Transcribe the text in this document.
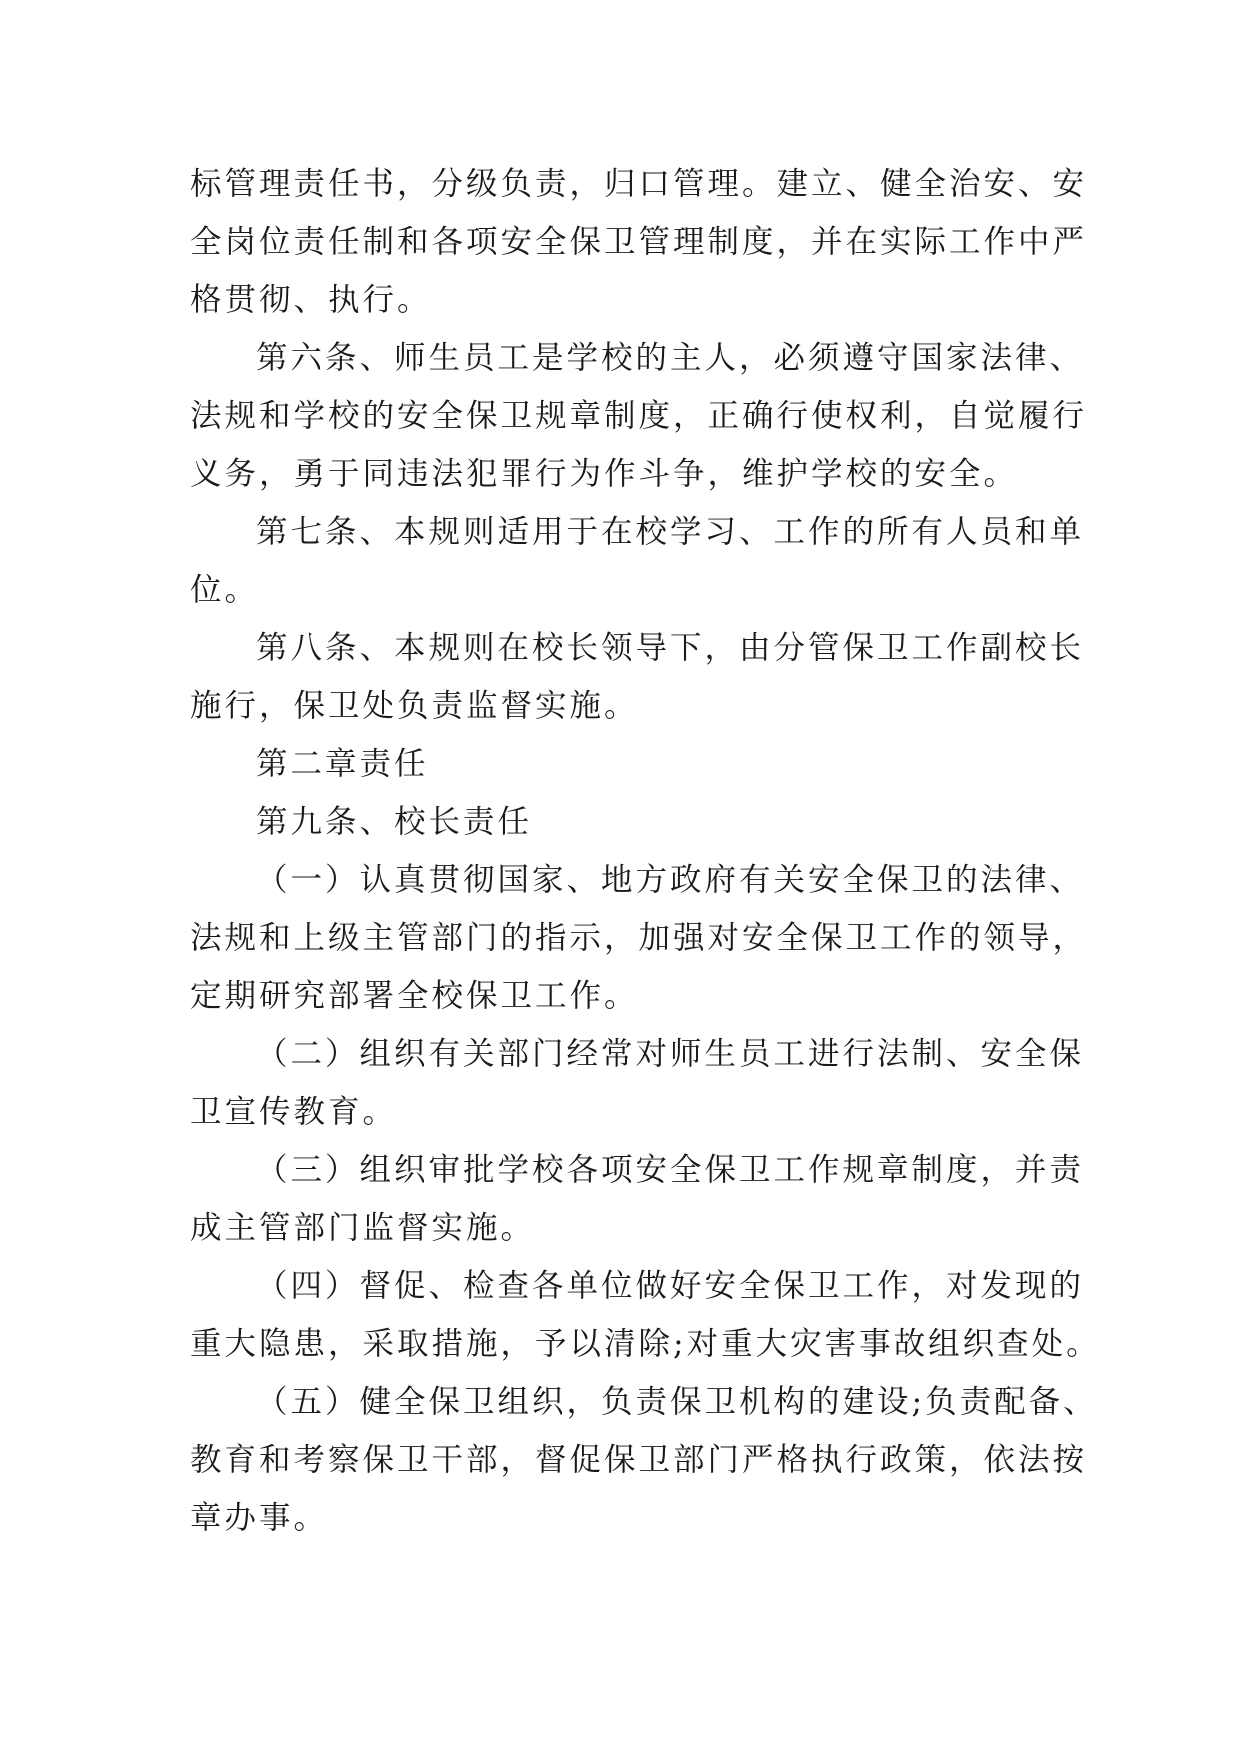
标管理责任书，分级负责，归口管理。建立、健全治安、安
全岗位责任制和各项安全保卫管理制度，并在实际工作中严
格贯彻、执行。
第六条、师生员工是学校的主人，必须遵守国家法律、
法规和学校的安全保卫规章制度，正确行使权利，自觉履行
义务，勇于同违法犯罪行为作斗争，维护学校的安全。
第七条、本规则适用于在校学习、工作的所有人员和单
位。
第八条、本规则在校长领导下，由分管保卫工作副校长
施行，保卫处负责监督实施。
第二章责任
第九条、校长责任
（一）认真贯彻国家、地方政府有关安全保卫的法律、
法规和上级主管部门的指示，加强对安全保卫工作的领导，
定期研究部署全校保卫工作。
（二）组织有关部门经常对师生员工进行法制、安全保
卫宣传教育。
（三）组织审批学校各项安全保卫工作规章制度，并责
成主管部门监督实施。
（四）督促、检查各单位做好安全保卫工作，对发现的
重大隐患，采取措施，予以清除;对重大灾害事故组织查处。
（五）健全保卫组织，负责保卫机构的建设;负责配备、
教育和考察保卫干部，督促保卫部门严格执行政策，依法按
章办事。
